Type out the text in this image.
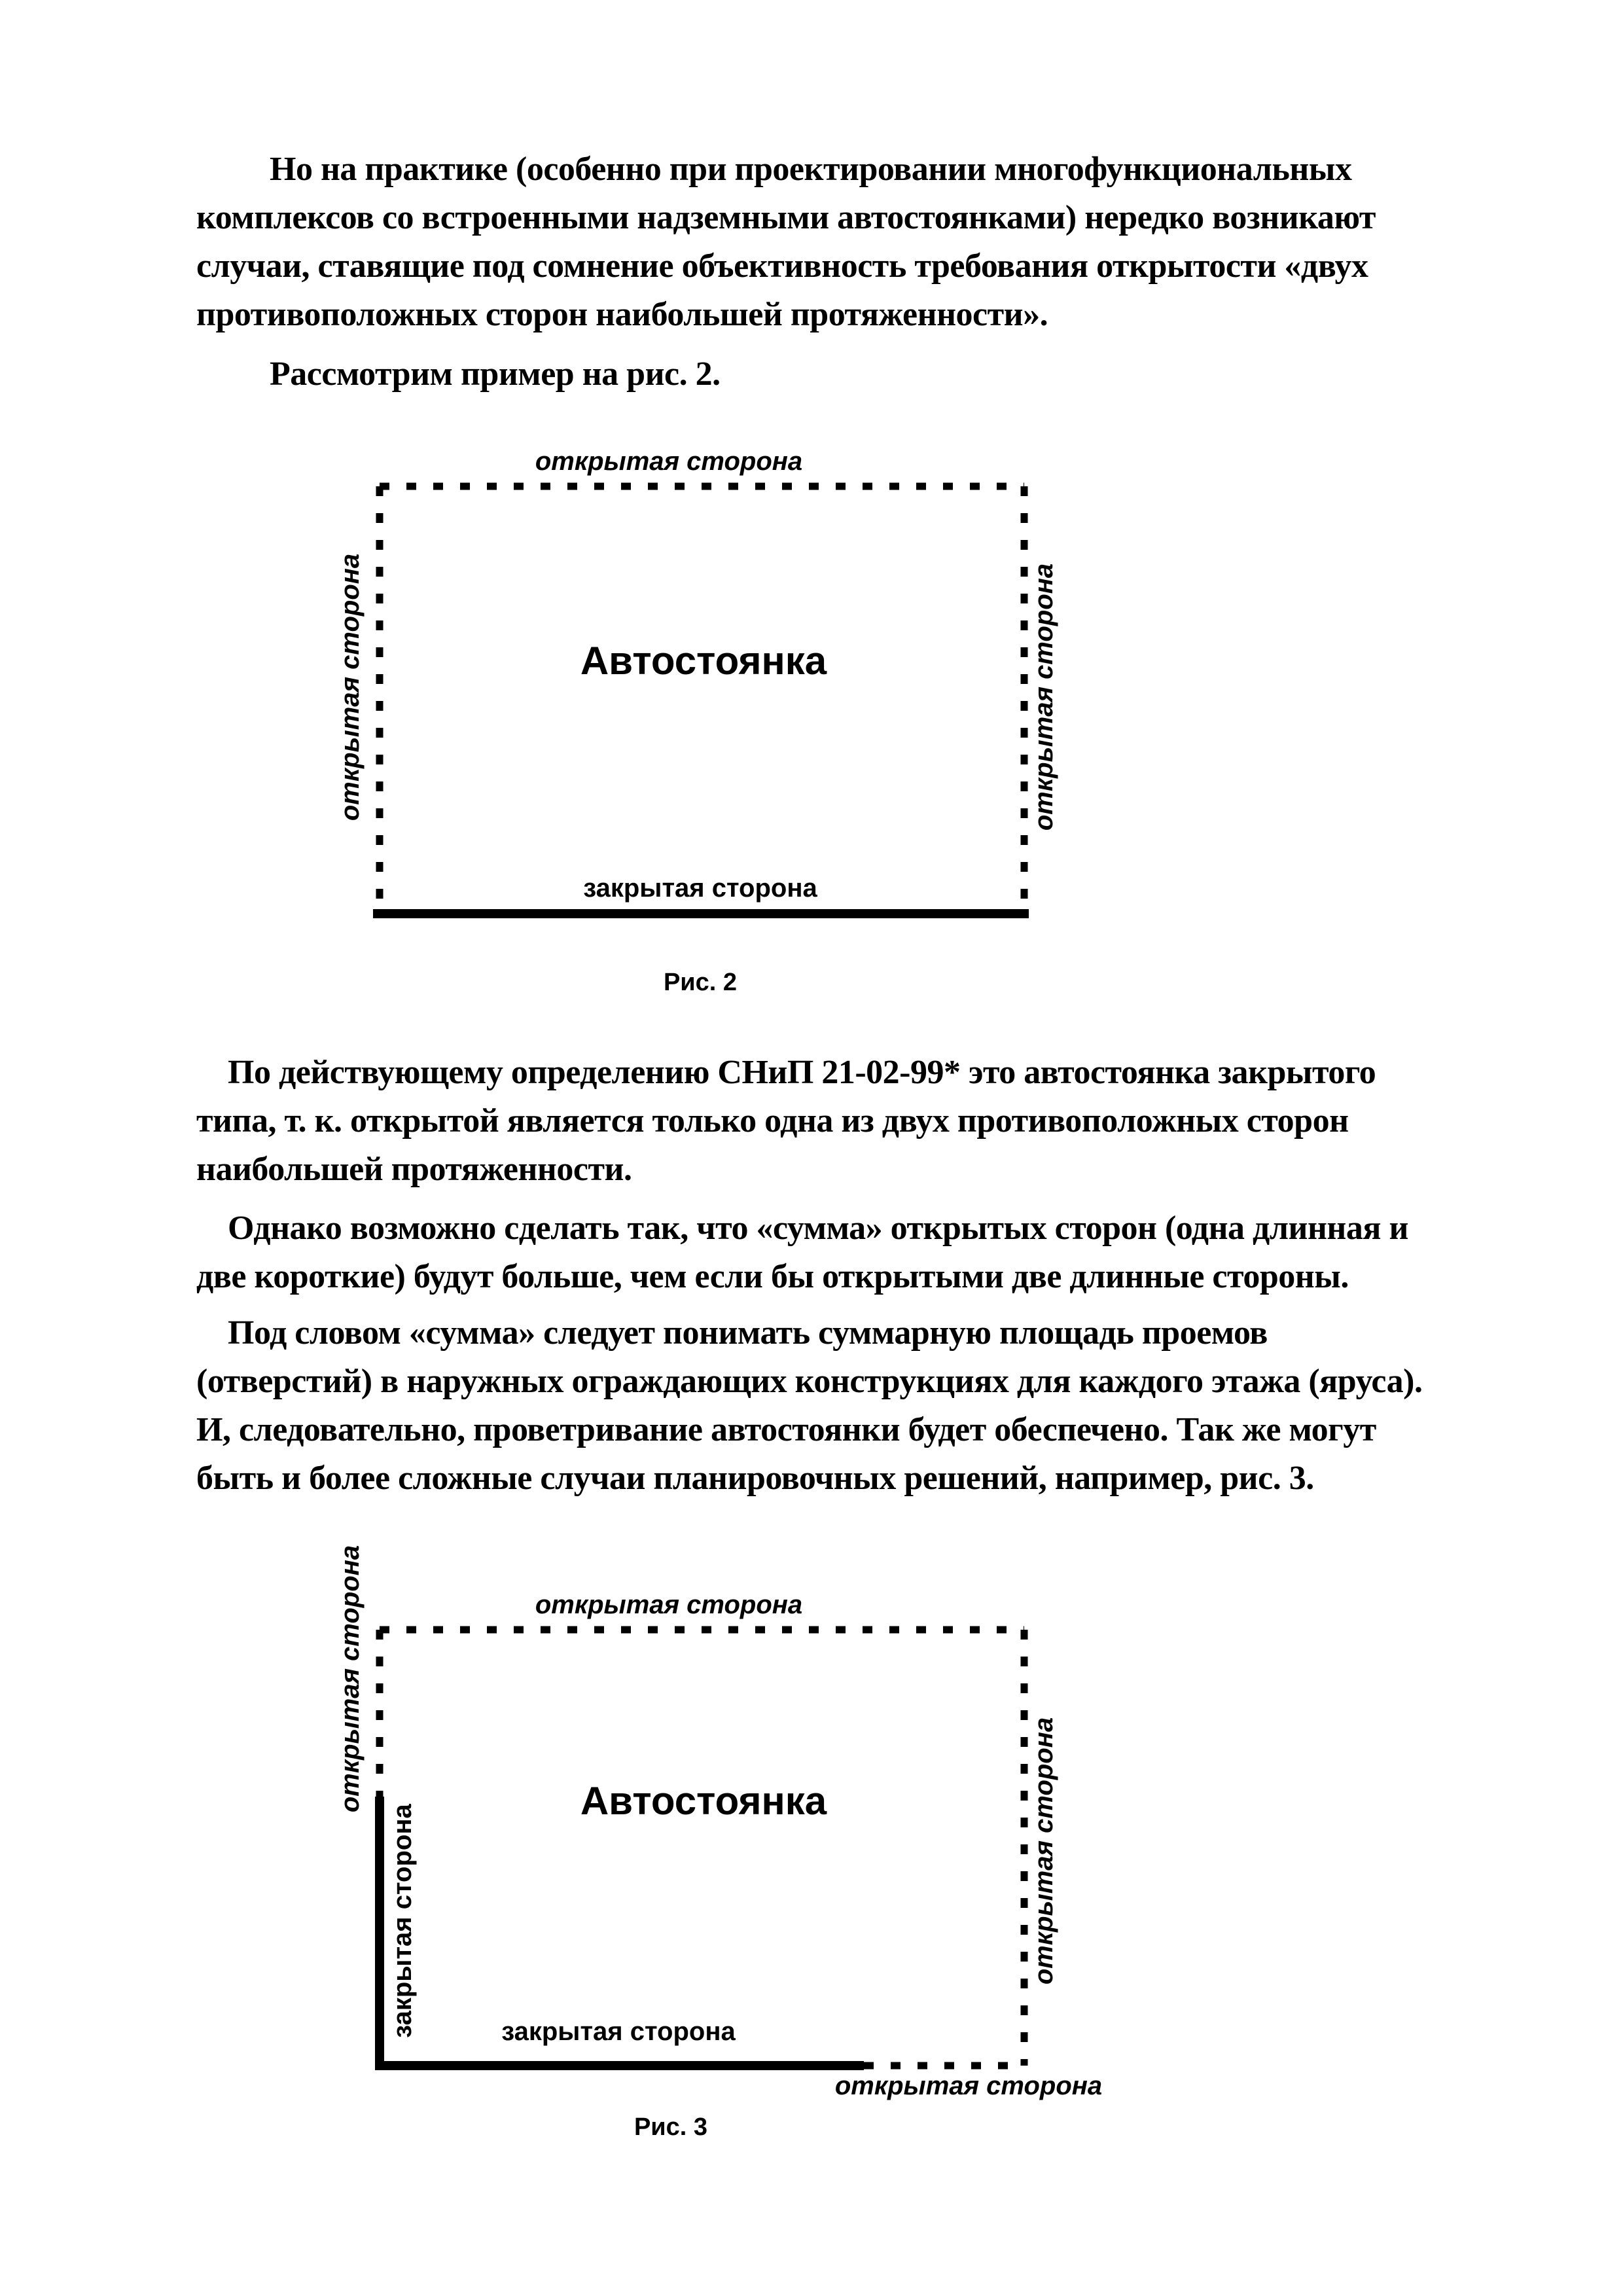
Но на практике (особенно при проектировании многофункциональных
комплексов со встроенными надземными автостоянками) нередко возникают
случаи, ставящие под сомнение объективность требования открытости «двух
противоположных сторон наибольшей протяженности».
Рассмотрим пример на рис. 2.
открытая сторона
Автостоянка
открытая сторона	открытая сторона
закрытая сторона
Рис. 2
По действующему определению СНиП 21-02-99* это автостоянка закрытого
типа, т. к. открытой является только одна из двух противоположных сторон
наибольшей протяженности.
Однако возможно сделать так, что «сумма» открытых сторон (одна длинная и
две короткие) будут больше, чем если бы открытыми две длинные стороны.
Под словом «сумма» следует понимать суммарную площадь проемов
(отверстий) в наружных ограждающих конструкциях для каждого этажа (яруса).
И, следовательно, проветривание автостоянки будет обеспечено. Так же могут
быть и более сложные случаи планировочных решений, например, рис. 3.
открытая сторона
Автостоянка
открытая сторона
закрытая сторона	открытая сторона
закрытая сторона
открытая сторона
Рис. 3
